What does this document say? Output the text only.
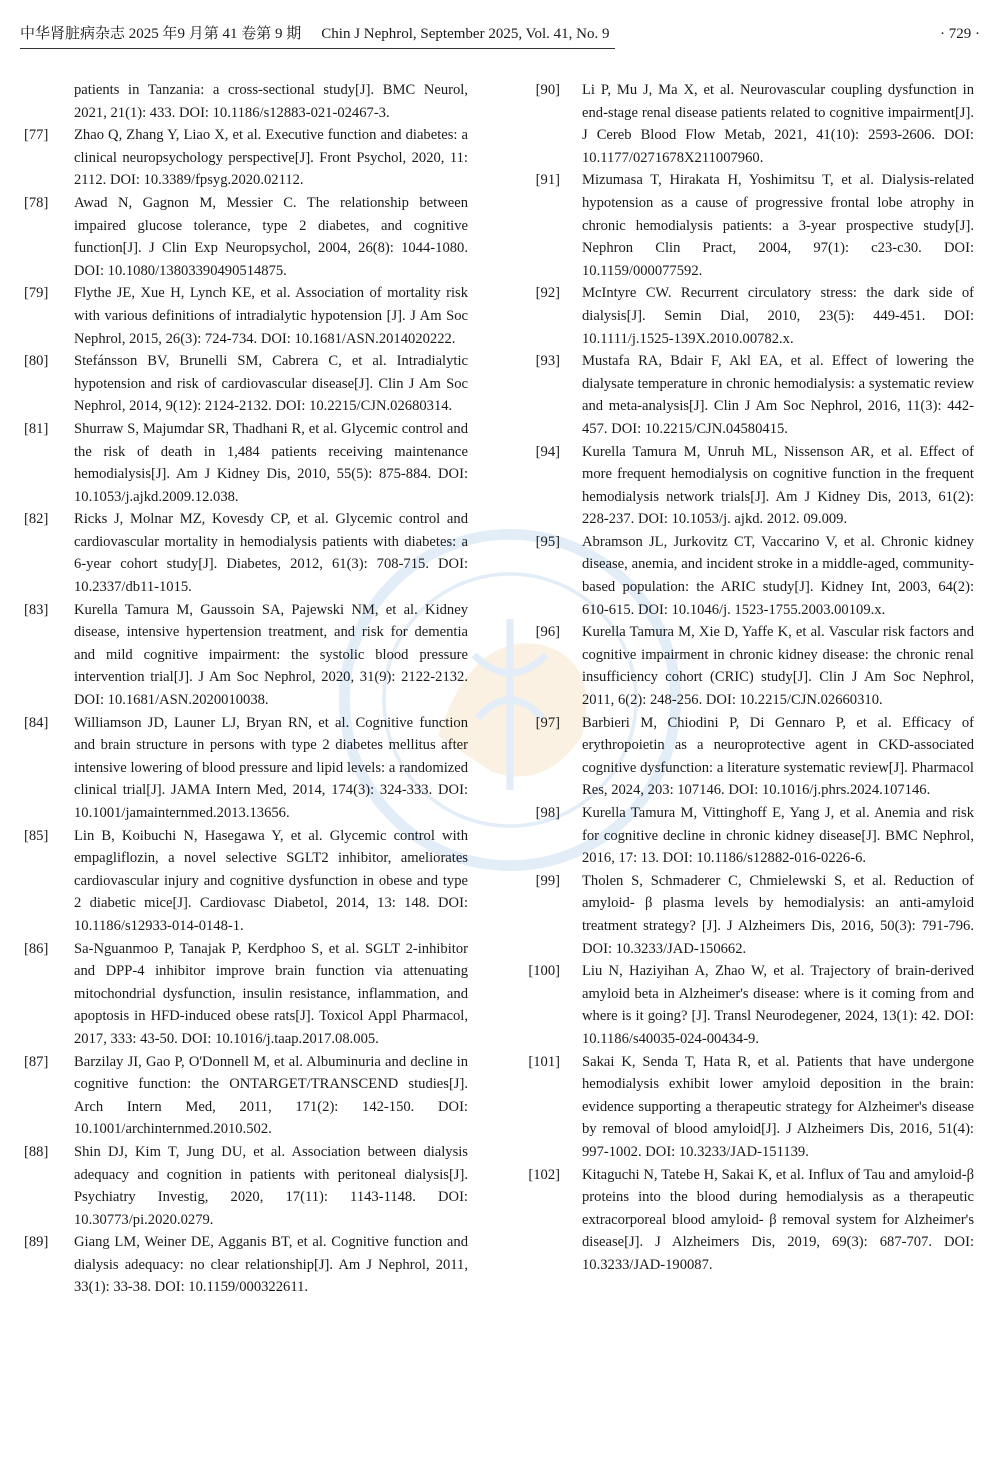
中华肾脏病杂志 2025 年9 月第 41 卷第 9 期 Chin J Nephrol, September 2025, Vol. 41, No. 9	· 729 ·
patients in Tanzania: a cross-sectional study[J]. BMC Neurol, 2021, 21(1): 433. DOI: 10.1186/s12883-021-02467-3.
[77] Zhao Q, Zhang Y, Liao X, et al. Executive function and diabetes: a clinical neuropsychology perspective[J]. Front Psychol, 2020, 11: 2112. DOI: 10.3389/fpsyg.2020.02112.
[78] Awad N, Gagnon M, Messier C. The relationship between impaired glucose tolerance, type 2 diabetes, and cognitive function[J]. J Clin Exp Neuropsychol, 2004, 26(8): 1044-1080. DOI: 10.1080/13803390490514875.
[79] Flythe JE, Xue H, Lynch KE, et al. Association of mortality risk with various definitions of intradialytic hypotension [J]. J Am Soc Nephrol, 2015, 26(3): 724-734. DOI: 10.1681/ASN.2014020222.
[80] Stefánsson BV, Brunelli SM, Cabrera C, et al. Intradialytic hypotension and risk of cardiovascular disease[J]. Clin J Am Soc Nephrol, 2014, 9(12): 2124-2132. DOI: 10.2215/CJN.02680314.
[81] Shurraw S, Majumdar SR, Thadhani R, et al. Glycemic control and the risk of death in 1,484 patients receiving maintenance hemodialysis[J]. Am J Kidney Dis, 2010, 55(5): 875-884. DOI: 10.1053/j.ajkd.2009.12.038.
[82] Ricks J, Molnar MZ, Kovesdy CP, et al. Glycemic control and cardiovascular mortality in hemodialysis patients with diabetes: a 6-year cohort study[J]. Diabetes, 2012, 61(3): 708-715. DOI: 10.2337/db11-1015.
[83] Kurella Tamura M, Gaussoin SA, Pajewski NM, et al. Kidney disease, intensive hypertension treatment, and risk for dementia and mild cognitive impairment: the systolic blood pressure intervention trial[J]. J Am Soc Nephrol, 2020, 31(9): 2122-2132. DOI: 10.1681/ASN.2020010038.
[84] Williamson JD, Launer LJ, Bryan RN, et al. Cognitive function and brain structure in persons with type 2 diabetes mellitus after intensive lowering of blood pressure and lipid levels: a randomized clinical trial[J]. JAMA Intern Med, 2014, 174(3): 324-333. DOI: 10.1001/jamainternmed.2013.13656.
[85] Lin B, Koibuchi N, Hasegawa Y, et al. Glycemic control with empagliflozin, a novel selective SGLT2 inhibitor, ameliorates cardiovascular injury and cognitive dysfunction in obese and type 2 diabetic mice[J]. Cardiovasc Diabetol, 2014, 13: 148. DOI: 10.1186/s12933-014-0148-1.
[86] Sa-Nguanmoo P, Tanajak P, Kerdphoo S, et al. SGLT 2-inhibitor and DPP-4 inhibitor improve brain function via attenuating mitochondrial dysfunction, insulin resistance, inflammation, and apoptosis in HFD-induced obese rats[J]. Toxicol Appl Pharmacol, 2017, 333: 43-50. DOI: 10.1016/j.taap.2017.08.005.
[87] Barzilay JI, Gao P, O'Donnell M, et al. Albuminuria and decline in cognitive function: the ONTARGET/TRANSCEND studies[J]. Arch Intern Med, 2011, 171(2): 142-150. DOI: 10.1001/archinternmed.2010.502.
[88] Shin DJ, Kim T, Jung DU, et al. Association between dialysis adequacy and cognition in patients with peritoneal dialysis[J]. Psychiatry Investig, 2020, 17(11): 1143-1148. DOI: 10.30773/pi.2020.0279.
[89] Giang LM, Weiner DE, Agganis BT, et al. Cognitive function and dialysis adequacy: no clear relationship[J]. Am J Nephrol, 2011, 33(1): 33-38. DOI: 10.1159/000322611.
[90] Li P, Mu J, Ma X, et al. Neurovascular coupling dysfunction in end-stage renal disease patients related to cognitive impairment[J]. J Cereb Blood Flow Metab, 2021, 41(10): 2593-2606. DOI: 10.1177/0271678X211007960.
[91] Mizumasa T, Hirakata H, Yoshimitsu T, et al. Dialysis-related hypotension as a cause of progressive frontal lobe atrophy in chronic hemodialysis patients: a 3-year prospective study[J]. Nephron Clin Pract, 2004, 97(1): c23-c30. DOI: 10.1159/000077592.
[92] McIntyre CW. Recurrent circulatory stress: the dark side of dialysis[J]. Semin Dial, 2010, 23(5): 449-451. DOI: 10.1111/j.1525-139X.2010.00782.x.
[93] Mustafa RA, Bdair F, Akl EA, et al. Effect of lowering the dialysate temperature in chronic hemodialysis: a systematic review and meta-analysis[J]. Clin J Am Soc Nephrol, 2016, 11(3): 442-457. DOI: 10.2215/CJN.04580415.
[94] Kurella Tamura M, Unruh ML, Nissenson AR, et al. Effect of more frequent hemodialysis on cognitive function in the frequent hemodialysis network trials[J]. Am J Kidney Dis, 2013, 61(2): 228-237. DOI: 10.1053/j. ajkd. 2012. 09.009.
[95] Abramson JL, Jurkovitz CT, Vaccarino V, et al. Chronic kidney disease, anemia, and incident stroke in a middle-aged, community-based population: the ARIC study[J]. Kidney Int, 2003, 64(2): 610-615. DOI: 10.1046/j. 1523-1755.2003.00109.x.
[96] Kurella Tamura M, Xie D, Yaffe K, et al. Vascular risk factors and cognitive impairment in chronic kidney disease: the chronic renal insufficiency cohort (CRIC) study[J]. Clin J Am Soc Nephrol, 2011, 6(2): 248-256. DOI: 10.2215/CJN.02660310.
[97] Barbieri M, Chiodini P, Di Gennaro P, et al. Efficacy of erythropoietin as a neuroprotective agent in CKD-associated cognitive dysfunction: a literature systematic review[J]. Pharmacol Res, 2024, 203: 107146. DOI: 10.1016/j.phrs.2024.107146.
[98] Kurella Tamura M, Vittinghoff E, Yang J, et al. Anemia and risk for cognitive decline in chronic kidney disease[J]. BMC Nephrol, 2016, 17: 13. DOI: 10.1186/s12882-016-0226-6.
[99] Tholen S, Schmaderer C, Chmielewski S, et al. Reduction of amyloid- β plasma levels by hemodialysis: an anti-amyloid treatment strategy? [J]. J Alzheimers Dis, 2016, 50(3): 791-796. DOI: 10.3233/JAD-150662.
[100] Liu N, Haziyihan A, Zhao W, et al. Trajectory of brain-derived amyloid beta in Alzheimer's disease: where is it coming from and where is it going? [J]. Transl Neurodegener, 2024, 13(1): 42. DOI: 10.1186/s40035-024-00434-9.
[101] Sakai K, Senda T, Hata R, et al. Patients that have undergone hemodialysis exhibit lower amyloid deposition in the brain: evidence supporting a therapeutic strategy for Alzheimer's disease by removal of blood amyloid[J]. J Alzheimers Dis, 2016, 51(4): 997-1002. DOI: 10.3233/JAD-151139.
[102] Kitaguchi N, Tatebe H, Sakai K, et al. Influx of Tau and amyloid-β proteins into the blood during hemodialysis as a therapeutic extracorporeal blood amyloid- β removal system for Alzheimer's disease[J]. J Alzheimers Dis, 2019, 69(3): 687-707. DOI: 10.3233/JAD-190087.
